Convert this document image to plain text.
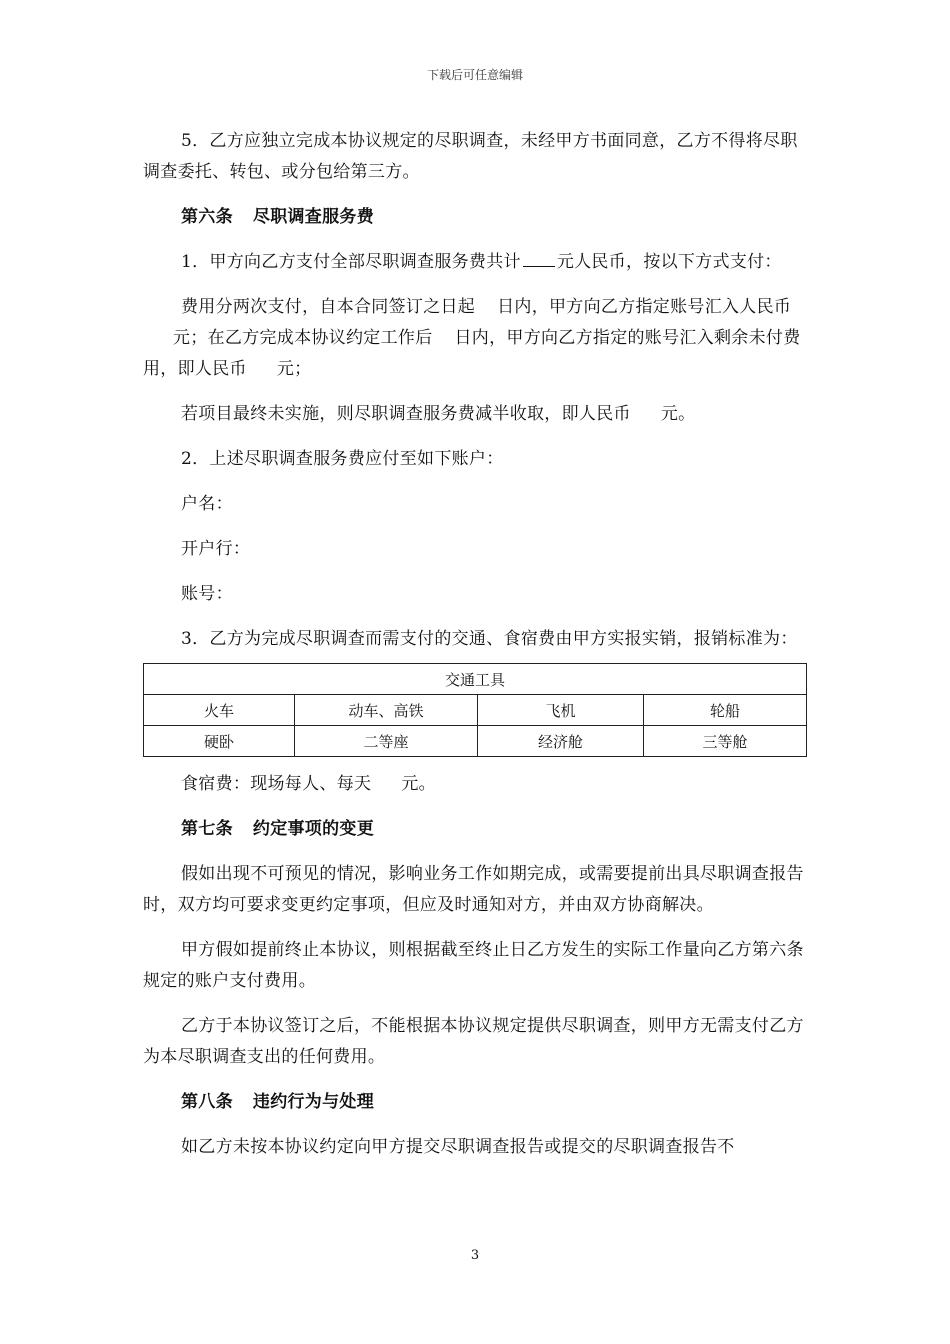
下载后可任意编辑

5．乙方应独立完成本协议规定的尽职调查，未经甲方书面同意，乙方不得将尽职调查委托、转包、或分包给第三方。

第六条 尽职调查服务费

1．甲方向乙方支付全部尽职调查服务费共计 元人民币，按以下方式支付：

费用分两次支付，自本合同签订之日起 日内，甲方向乙方指定账号汇入人民币元；在乙方完成本协议约定工作后 日内，甲方向乙方指定的账号汇入剩余未付费用，即人民币 元；

若项目最终未实施，则尽职调查服务费减半收取，即人民币 元。

2．上述尽职调查服务费应付至如下账户：

户名：

开户行：

账号：

3．乙方为完成尽职调查而需支付的交通、食宿费由甲方实报实销，报销标准为：

交通工具			
火车	动车、高铁	飞机	轮船
硬卧	二等座	经济舱	三等舱

食宿费：现场每人、每天 元。

第七条 约定事项的变更

假如出现不可预见的情况，影响业务工作如期完成，或需要提前出具尽职调查报告时，双方均可要求变更约定事项，但应及时通知对方，并由双方协商解决。

甲方假如提前终止本协议，则根据截至终止日乙方发生的实际工作量向乙方第六条规定的账户支付费用。

乙方于本协议签订之后，不能根据本协议规定提供尽职调查，则甲方无需支付乙方为本尽职调查支出的任何费用。

第八条 违约行为与处理

如乙方未按本协议约定向甲方提交尽职调查报告或提交的尽职调查报告不

3
